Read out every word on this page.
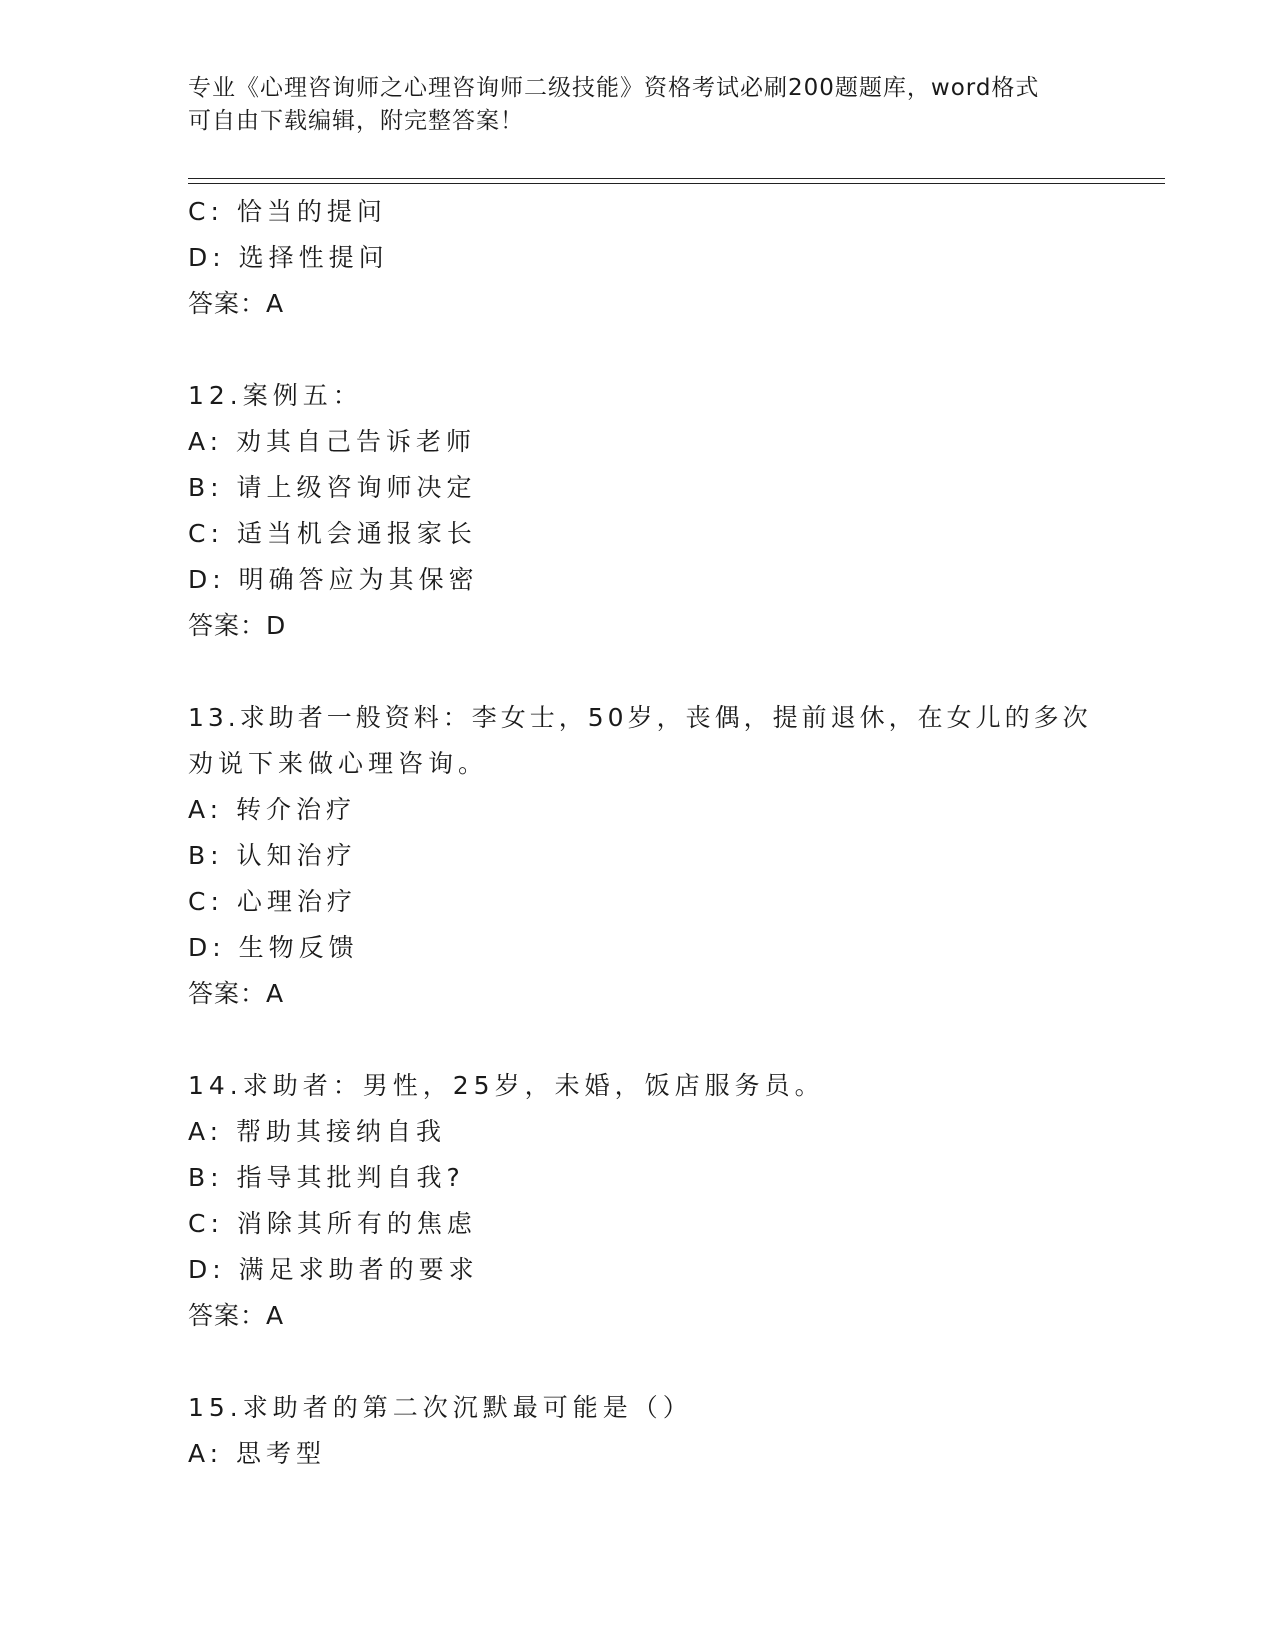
专业《心理咨询师之心理咨询师二级技能》资格考试必刷200题题库，word格式
可自由下载编辑，附完整答案！
C: 恰当的提问
D: 选择性提问
答案：A
12.案例五：
A: 劝其自己告诉老师
B: 请上级咨询师决定
C: 适当机会通报家长
D: 明确答应为其保密
答案：D
13.求助者一般资料：李女士，50岁，丧偶，提前退休，在女儿的多次
劝说下来做心理咨询。
A: 转介治疗
B: 认知治疗
C: 心理治疗
D: 生物反馈
答案：A
14.求助者：男性，25岁，未婚，饭店服务员。
A: 帮助其接纳自我
B: 指导其批判自我?
C: 消除其所有的焦虑
D: 满足求助者的要求
答案：A
15.求助者的第二次沉默最可能是（）
A: 思考型
